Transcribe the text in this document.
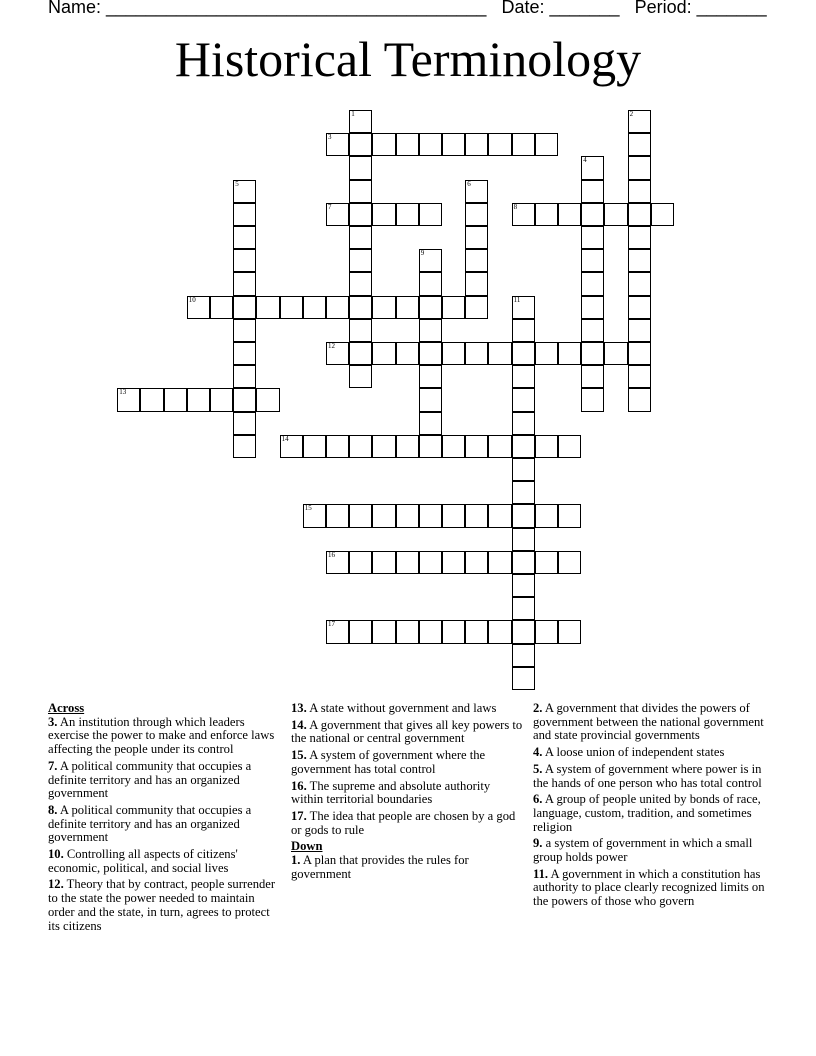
Name: ______________________________________ Date: _______ Period: _______
Historical Terminology
1	2
3
4
5	6
7	8
9
10	11
12
13
14
15
16
17

Across

3. An institution through which leaders exercise the power to make and enforce laws affecting the people under its control
7. A political community that occupies a definite territory and has an organized government
8. A political community that occupies a definite territory and has an organized government
10. Controlling all aspects of citizens' economic, political, and social lives
12. Theory that by contract, people surrender to the state the power needed to maintain order and the state, in turn, agrees to protect its citizens
13. A state without government and laws
14. A government that gives all key powers to the national or central government
15. A system of government where the government has total control
16. The supreme and absolute authority within territorial boundaries
17. The idea that people are chosen by a god or gods to rule

Down

1. A plan that provides the rules for government
2. A government that divides the powers of government between the national government and state provincial governments
4. A loose union of independent states
5. A system of government where power is in the hands of one person who has total control
6. A group of people united by bonds of race, language, custom, tradition, and sometimes religion
9. a system of government in which a small group holds power
11. A government in which a constitution has authority to place clearly recognized limits on the powers of those who govern
